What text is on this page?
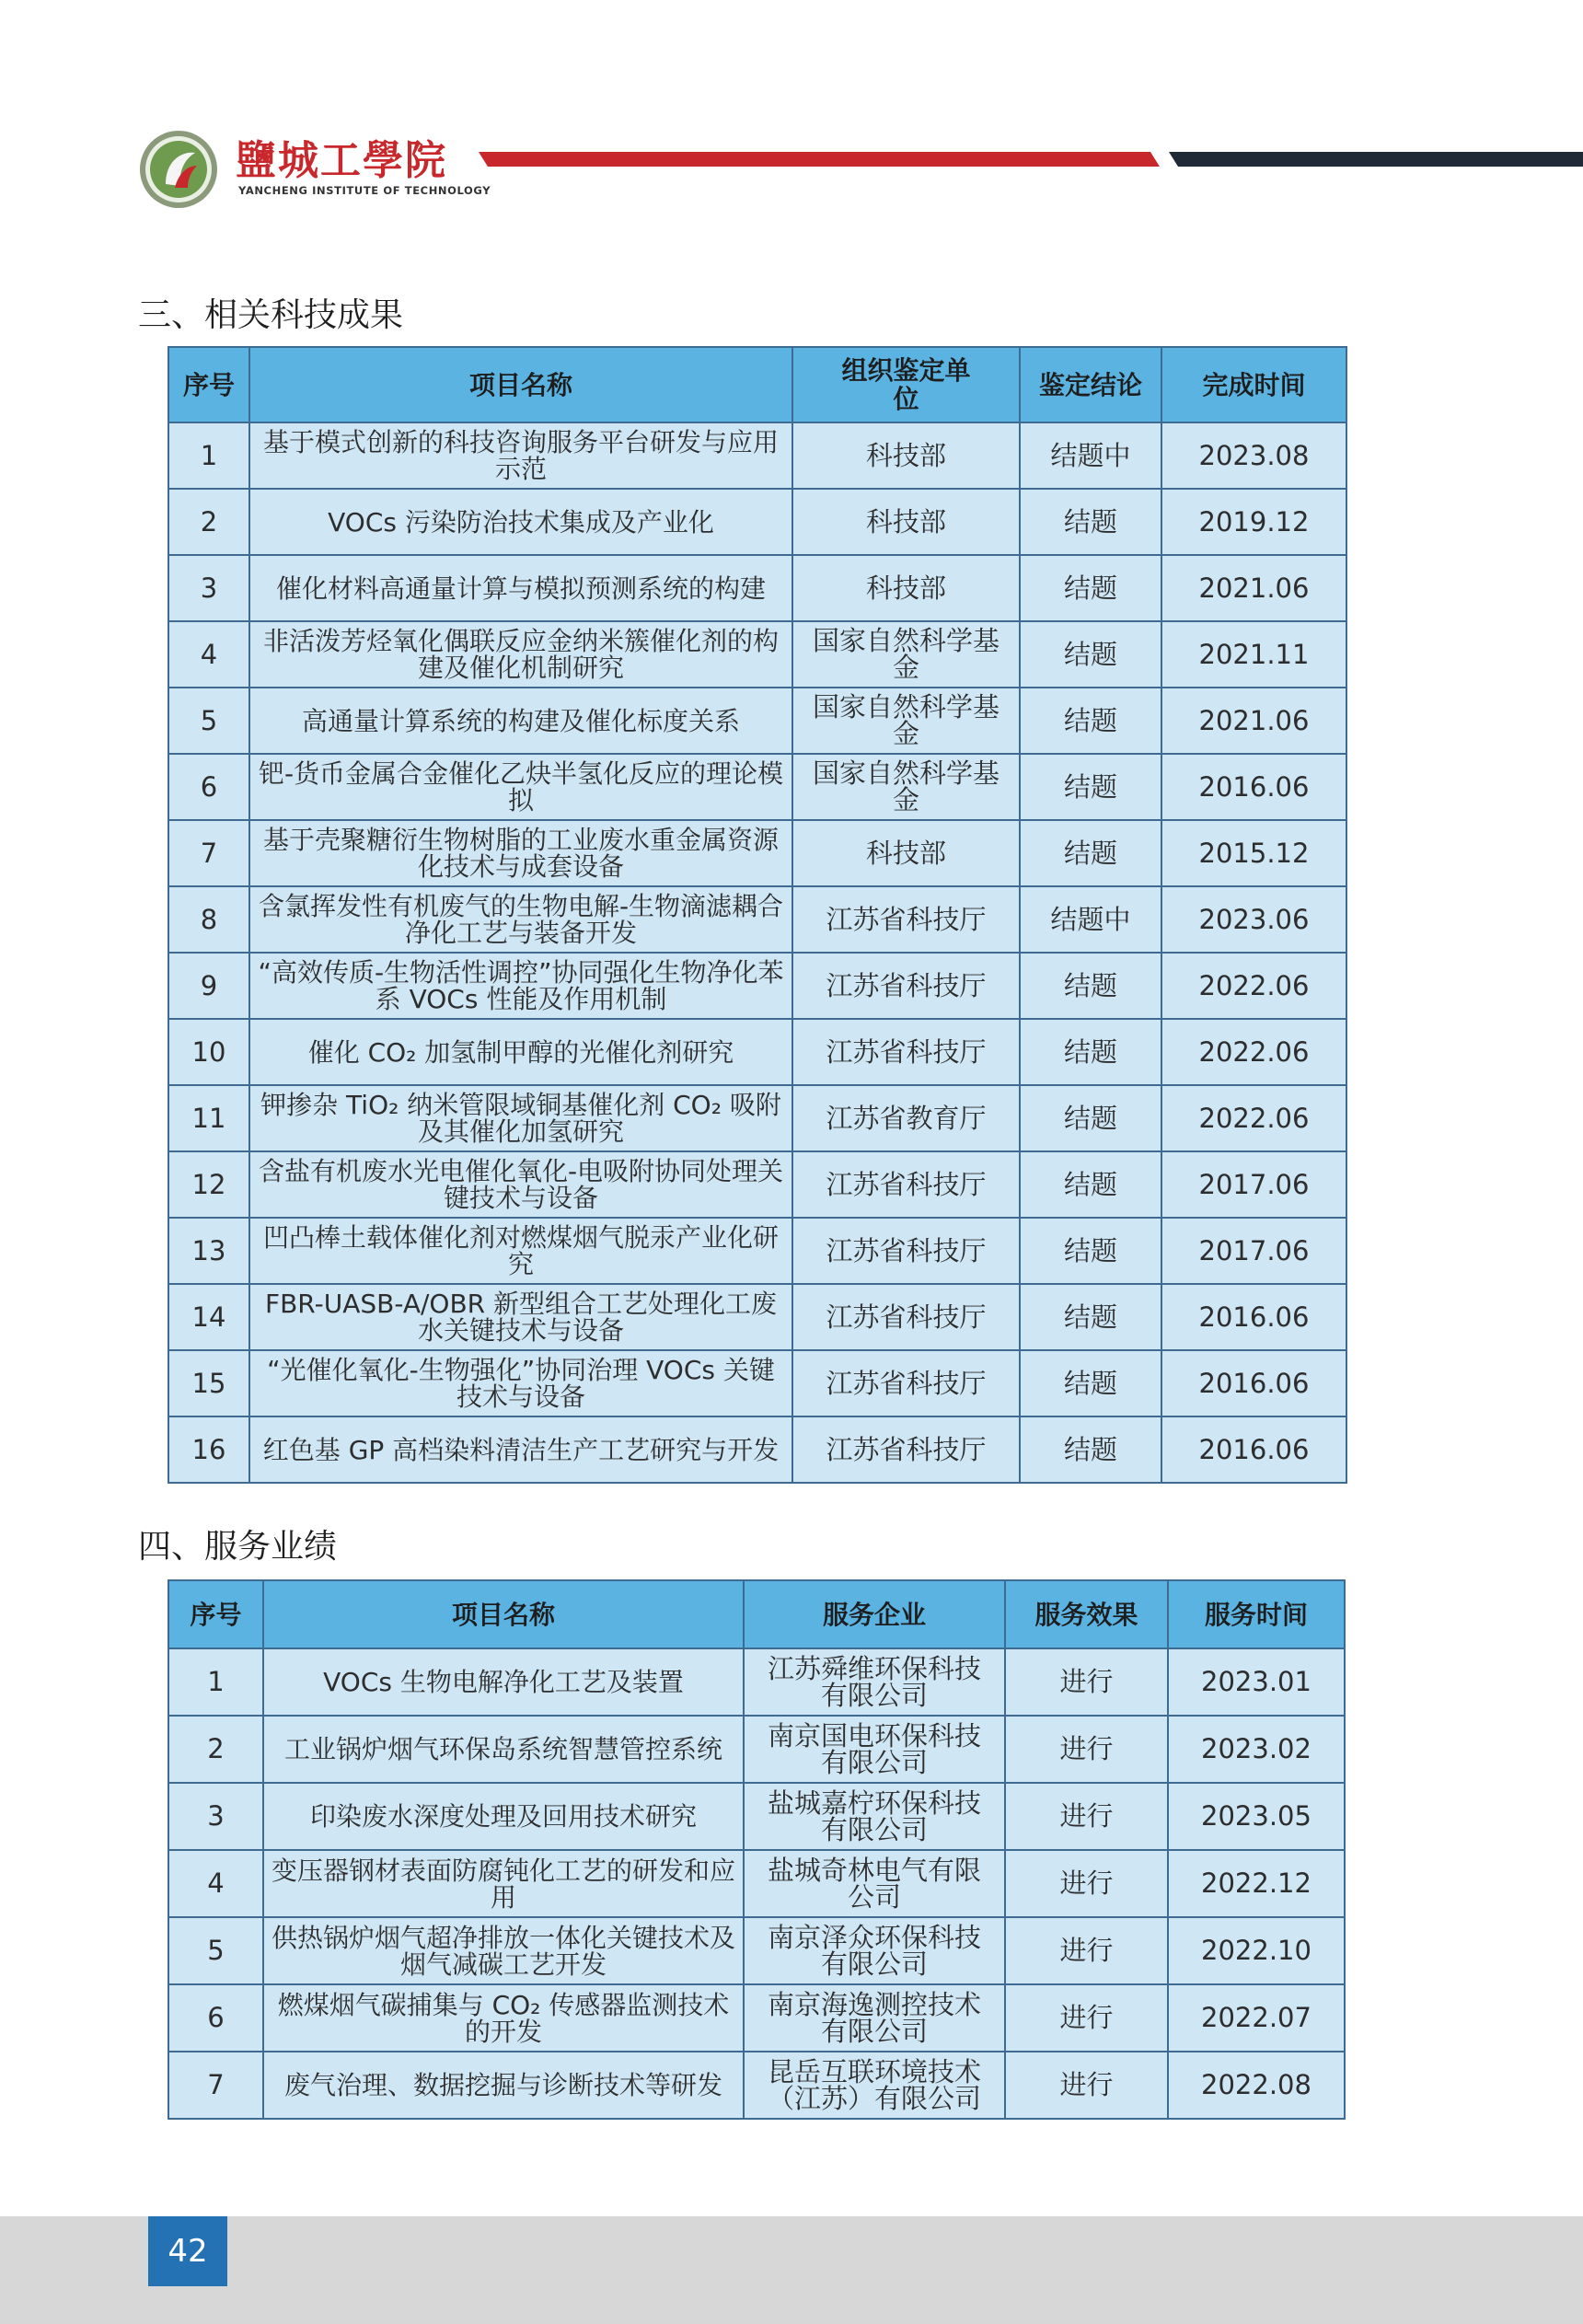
鹽城工學院
YANCHENG INSTITUTE OF TECHNOLOGY
三、相关科技成果
序号	项目名称	组织鉴定单位	鉴定结论	完成时间
1	基于模式创新的科技咨询服务平台研发与应用示范	科技部	结题中	2023.08
2	VOCs 污染防治技术集成及产业化	科技部	结题	2019.12
3	催化材料高通量计算与模拟预测系统的构建	科技部	结题	2021.06
4	非活泼芳烃氧化偶联反应金纳米簇催化剂的构建及催化机制研究	国家自然科学基金	结题	2021.11
5	高通量计算系统的构建及催化标度关系	国家自然科学基金	结题	2021.06
6	钯-货币金属合金催化乙炔半氢化反应的理论模拟	国家自然科学基金	结题	2016.06
7	基于壳聚糖衍生物树脂的工业废水重金属资源化技术与成套设备	科技部	结题	2015.12
8	含氯挥发性有机废气的生物电解-生物滴滤耦合净化工艺与装备开发	江苏省科技厅	结题中	2023.06
9	“高效传质-生物活性调控”协同强化生物净化苯系 VOCs 性能及作用机制	江苏省科技厅	结题	2022.06
10	催化 CO₂ 加氢制甲醇的光催化剂研究	江苏省科技厅	结题	2022.06
11	钾掺杂 TiO₂ 纳米管限域铜基催化剂 CO₂ 吸附及其催化加氢研究	江苏省教育厅	结题	2022.06
12	含盐有机废水光电催化氧化-电吸附协同处理关键技术与设备	江苏省科技厅	结题	2017.06
13	凹凸棒土载体催化剂对燃煤烟气脱汞产业化研究	江苏省科技厅	结题	2017.06
14	FBR-UASB-A/OBR 新型组合工艺处理化工废水关键技术与设备	江苏省科技厅	结题	2016.06
15	“光催化氧化-生物强化”协同治理 VOCs 关键技术与设备	江苏省科技厅	结题	2016.06
16	红色基 GP 高档染料清洁生产工艺研究与开发	江苏省科技厅	结题	2016.06
四、服务业绩
序号	项目名称	服务企业	服务效果	服务时间
1	VOCs 生物电解净化工艺及装置	江苏舜维环保科技有限公司	进行	2023.01
2	工业锅炉烟气环保岛系统智慧管控系统	南京国电环保科技有限公司	进行	2023.02
3	印染废水深度处理及回用技术研究	盐城嘉柠环保科技有限公司	进行	2023.05
4	变压器钢材表面防腐钝化工艺的研发和应用	盐城奇林电气有限公司	进行	2022.12
5	供热锅炉烟气超净排放一体化关键技术及烟气减碳工艺开发	南京泽众环保科技有限公司	进行	2022.10
6	燃煤烟气碳捕集与 CO₂ 传感器监测技术的开发	南京海逸测控技术有限公司	进行	2022.07
7	废气治理、数据挖掘与诊断技术等研发	昆岳互联环境技术（江苏）有限公司	进行	2022.08
42
